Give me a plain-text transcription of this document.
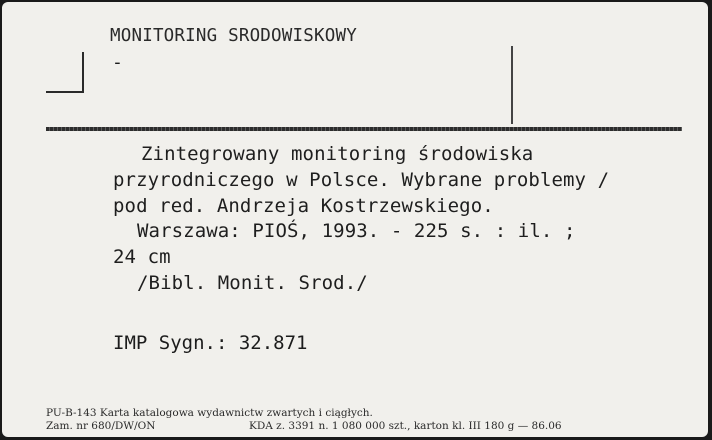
MONITORING SRODOWISKOWY
-
Zintegrowany monitoring środowiska
przyrodniczego w Polsce. Wybrane problemy /
pod red. Andrzeja Kostrzewskiego.
Warszawa: PIOŚ, 1993. - 225 s. : il. ;
24 cm
/Bibl. Monit. Srod./
IMP Sygn.: 32.871
PU-B-143 Karta katalogowa wydawnictw zwartych i ciągłych.
Zam. nr 680/DW/ON	KDA z. 3391 n. 1 080 000 szt., karton kl. III 180 g — 86.06
